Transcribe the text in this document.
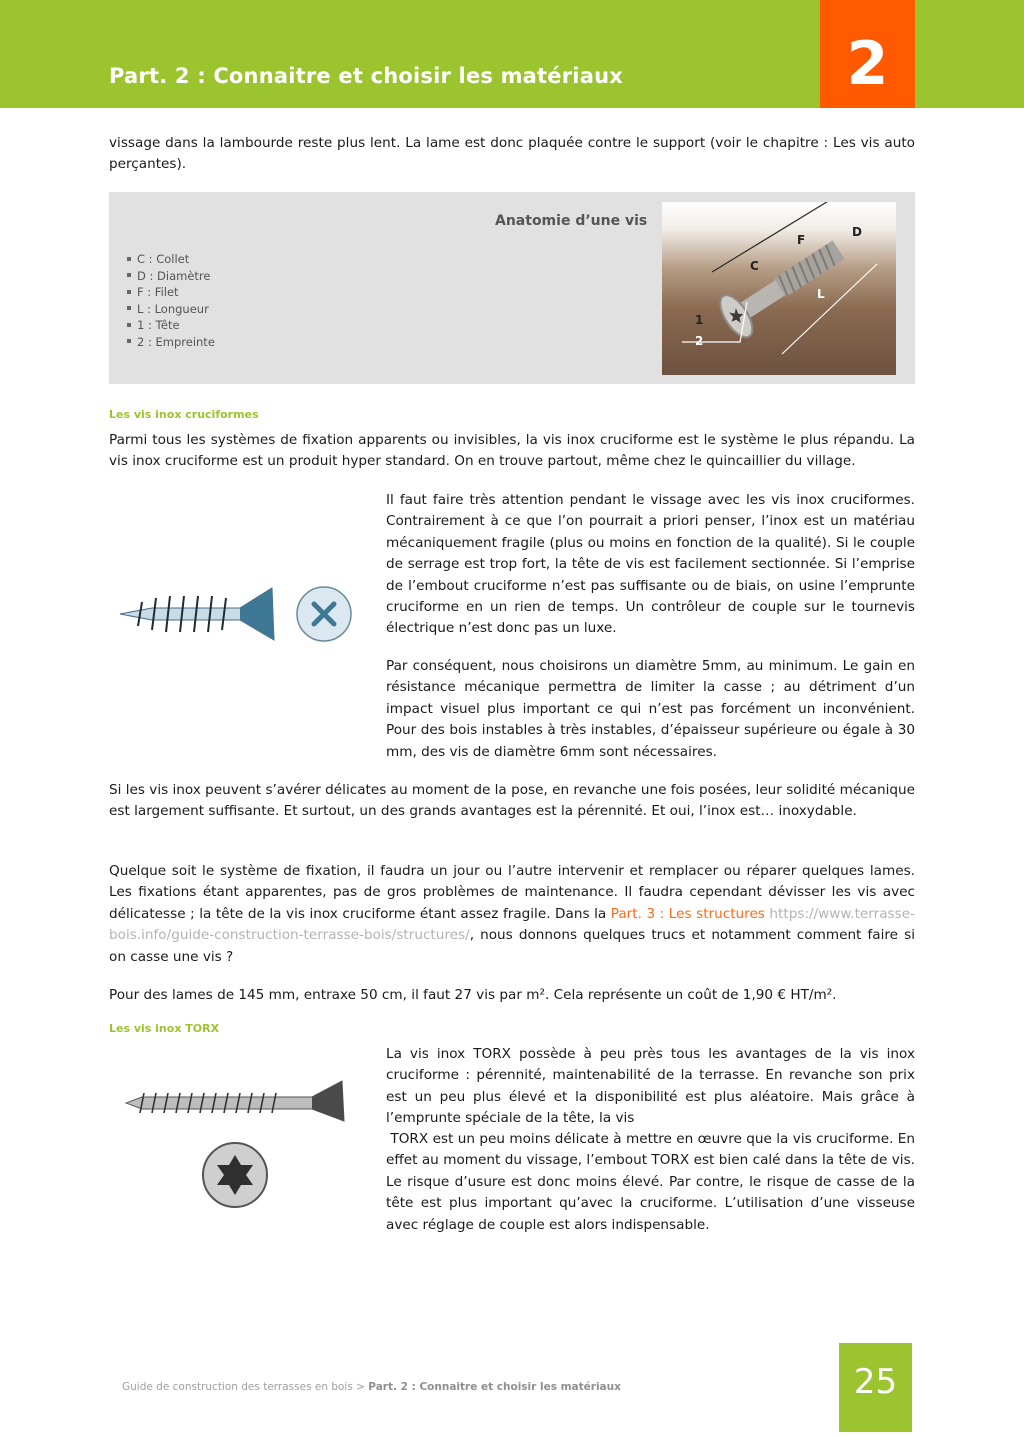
Part. 2 : Connaitre et choisir les matériaux	2

vissage dans la lambourde reste plus lent. La lame est donc plaquée contre le support (voir le chapitre : Les vis auto perçantes).

Anatomie d’une vis
C : Collet
D : Diamètre
F : Filet
L : Longueur
1 : Tête
2 : Empreinte
C
F
D
L
1
2
Les vis inox cruciformes

Parmi tous les systèmes de fixation apparents ou invisibles, la vis inox cruciforme est le système le plus répandu. La vis inox cruciforme est un produit hyper standard. On en trouve partout, même chez le quincaillier du village.

Il faut faire très attention pendant le vissage avec les vis inox cruciformes. Contrairement à ce que l’on pourrait a priori penser, l’inox est un matériau mécaniquement fragile (plus ou moins en fonction de la qualité). Si le couple de serrage est trop fort, la tête de vis est facilement sectionnée. Si l’emprise de l’embout cruciforme n’est pas suffisante ou de biais, on usine l’emprunte cruciforme en un rien de temps. Un contrôleur de couple sur le tournevis électrique n’est donc pas un luxe.

Par conséquent, nous choisirons un diamètre 5mm, au minimum. Le gain en résistance mécanique permettra de limiter la casse ; au détriment d’un impact visuel plus important ce qui n’est pas forcément un inconvénient. Pour des bois instables à très instables, d’épaisseur supérieure ou égale à 30 mm, des vis de diamètre 6mm sont nécessaires.

Si les vis inox peuvent s’avérer délicates au moment de la pose, en revanche une fois posées, leur solidité mécanique est largement suffisante. Et surtout, un des grands avantages est la pérennité. Et oui, l’inox est… inoxydable.

Quelque soit le système de fixation, il faudra un jour ou l’autre intervenir et remplacer ou réparer quelques lames. Les fixations étant apparentes, pas de gros problèmes de maintenance. Il faudra cependant dévisser les vis avec délicatesse ; la tête de la vis inox cruciforme étant assez fragile. Dans la Part. 3 : Les structures https://www.terrasse-bois.info/guide-construction-terrasse-bois/structures/, nous donnons quelques trucs et notamment comment faire si on casse une vis ?

Pour des lames de 145 mm, entraxe 50 cm, il faut 27 vis par m². Cela représente un coût de 1,90 € HT/m².

Les vis inox TORX

La vis inox TORX possède à peu près tous les avantages de la vis inox cruciforme : pérennité, maintenabilité de la terrasse. En revanche son prix est un peu plus élevé et la disponibilité est plus aléatoire. Mais grâce à l’emprunte spéciale de la tête, la vis

TORX est un peu moins délicate à mettre en œuvre que la vis cruciforme. En effet au moment du vissage, l’embout TORX est bien calé dans la tête de vis. Le risque d’usure est donc moins élevé. Par contre, le risque de casse de la tête est plus important qu’avec la cruciforme. L’utilisation d’une visseuse avec réglage de couple est alors indispensable.

Guide de construction des terrasses en bois > Part. 2 : Connaitre et choisir les matériaux	25
